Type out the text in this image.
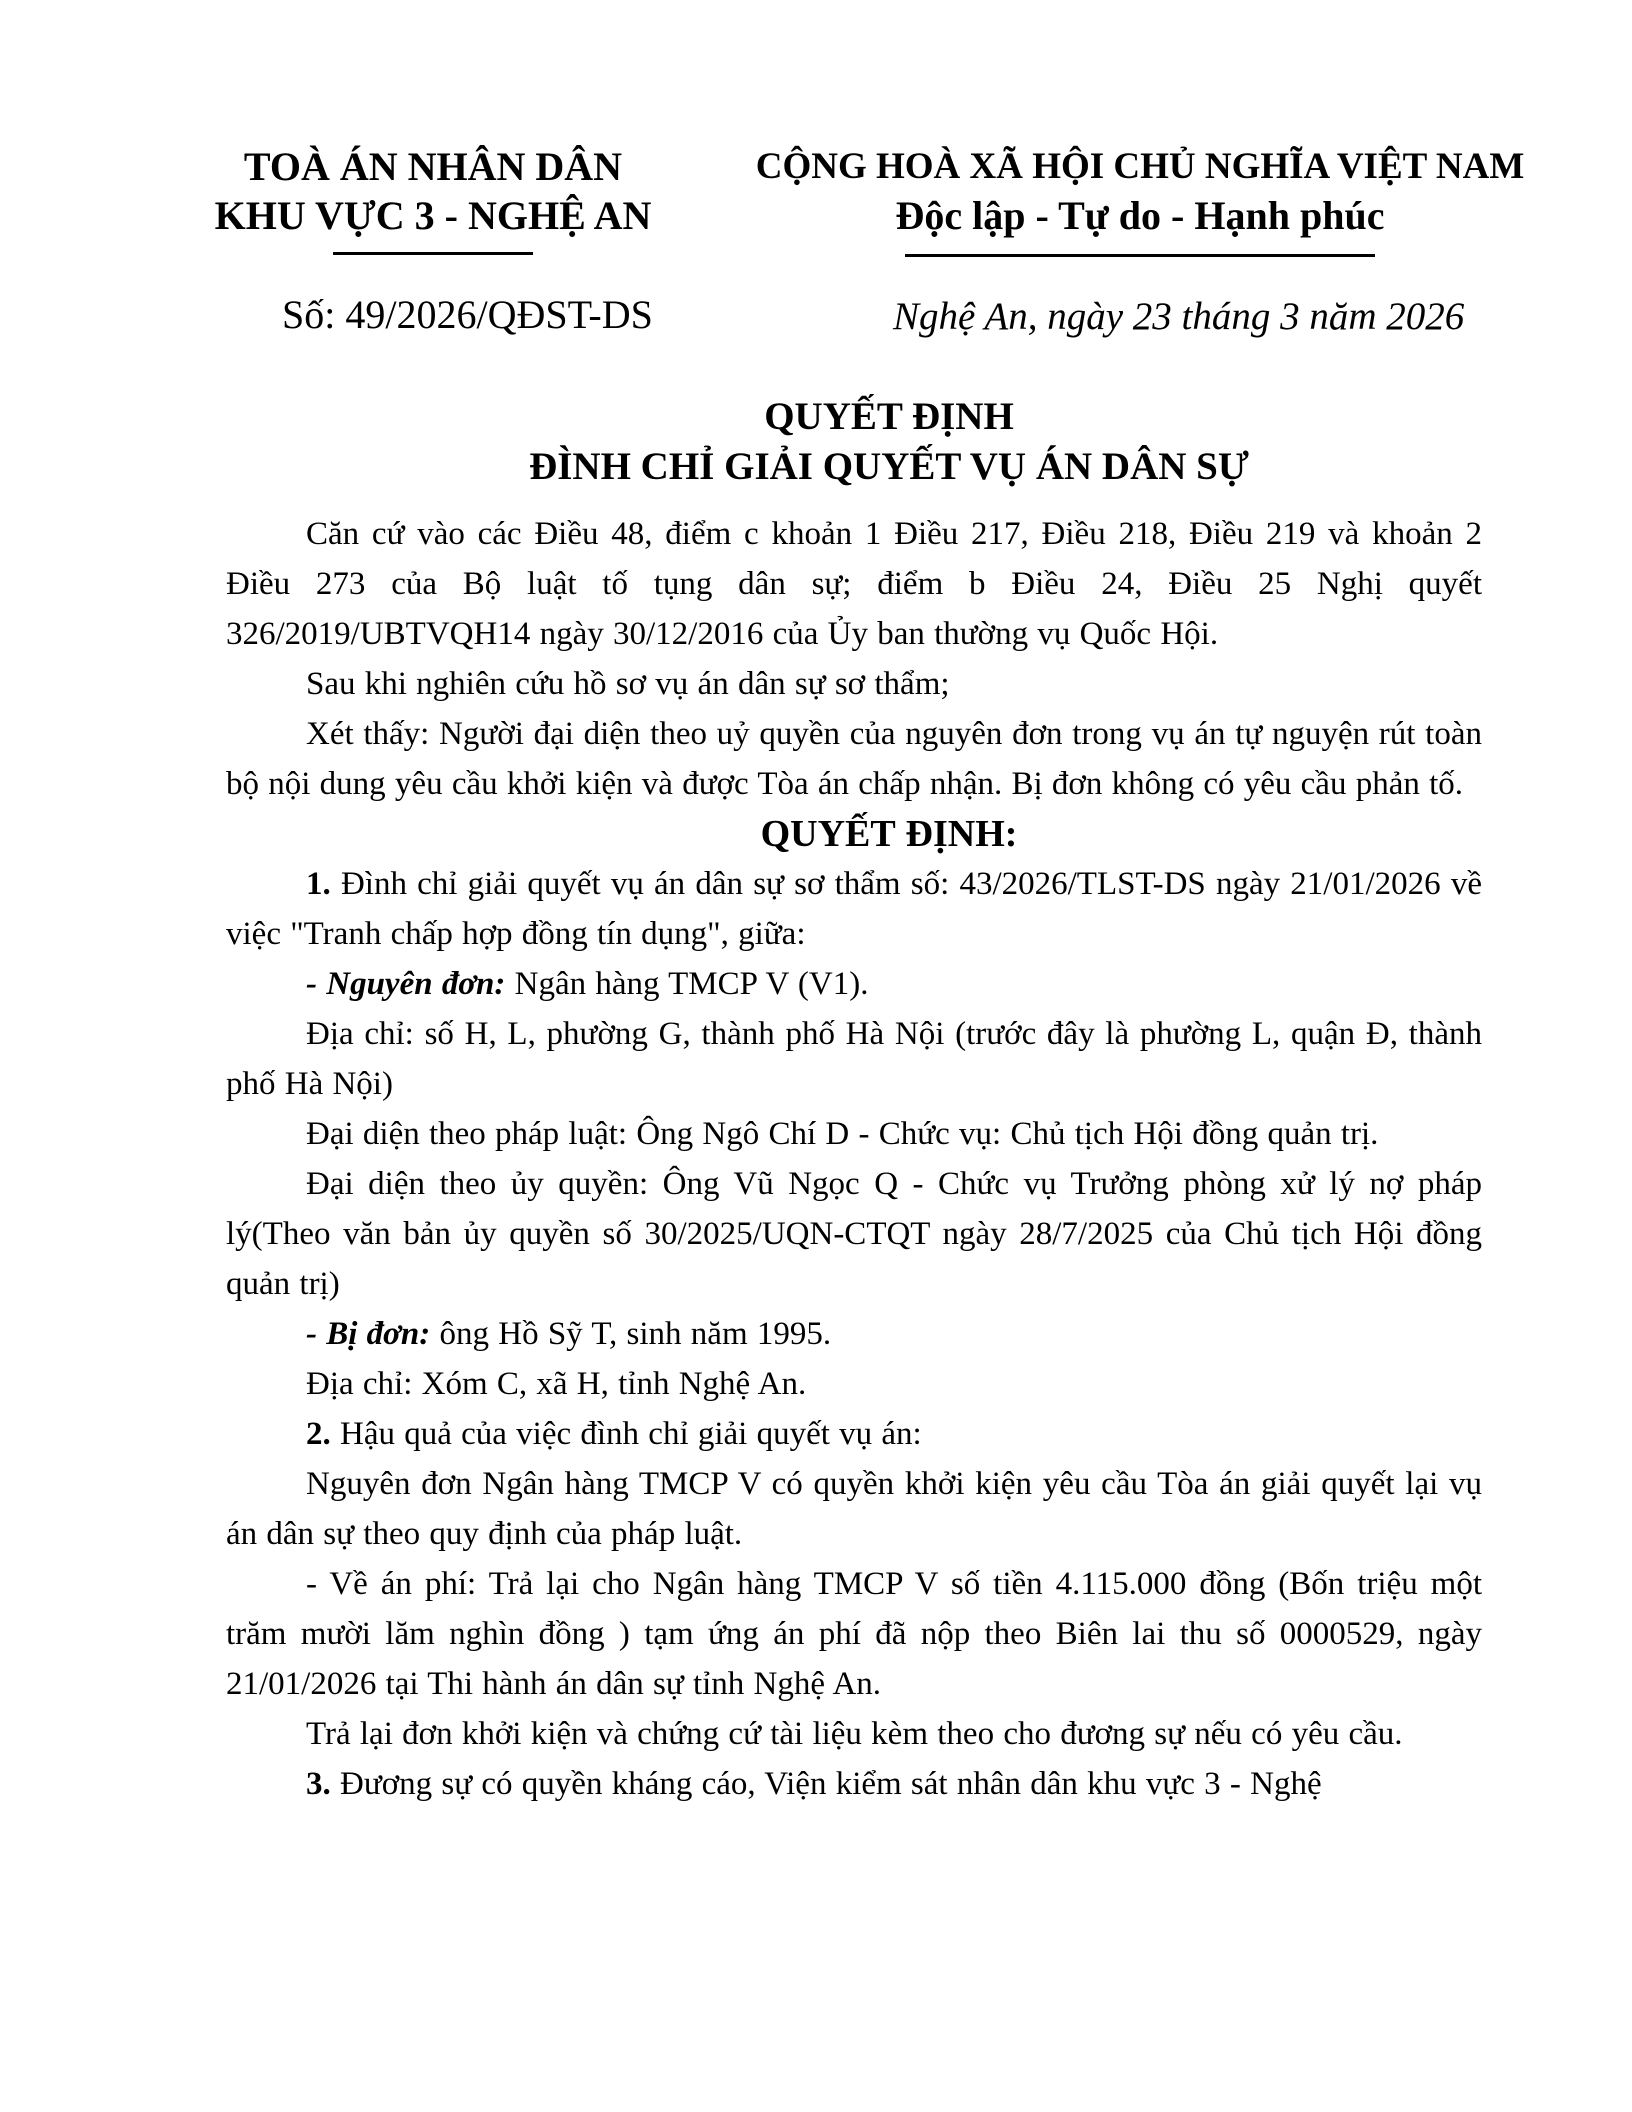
TOÀ ÁN NHÂN DÂN
KHU VỰC 3 - NGHỆ AN
CỘNG HOÀ XÃ HỘI CHỦ NGHĨA VIỆT NAM
Độc lập - Tự do - Hạnh phúc
Số: 49/2026/QĐST-DS	Nghệ An, ngày 23 tháng 3 năm 2026
QUYẾT ĐỊNH
ĐÌNH CHỈ GIẢI QUYẾT VỤ ÁN DÂN SỰ

Căn cứ vào các Điều 48, điểm c khoản 1 Điều 217, Điều 218, Điều 219 và khoản 2 Điều 273 của Bộ luật tố tụng dân sự; điểm b Điều 24, Điều 25 Nghị quyết 326/2019/UBTVQH14 ngày 30/12/2016 của Ủy ban thường vụ Quốc Hội.

Sau khi nghiên cứu hồ sơ vụ án dân sự sơ thẩm;

Xét thấy: Người đại diện theo uỷ quyền của nguyên đơn trong vụ án tự nguyện rút toàn bộ nội dung yêu cầu khởi kiện và được Tòa án chấp nhận. Bị đơn không có yêu cầu phản tố.

QUYẾT ĐỊNH:

1. Đình chỉ giải quyết vụ án dân sự sơ thẩm số: 43/2026/TLST-DS ngày 21/01/2026 về việc "Tranh chấp hợp đồng tín dụng", giữa:

- Nguyên đơn: Ngân hàng TMCP V (V1).

Địa chỉ: số H, L, phường G, thành phố Hà Nội (trước đây là phường L, quận Đ, thành phố Hà Nội)

Đại diện theo pháp luật: Ông Ngô Chí D - Chức vụ: Chủ tịch Hội đồng quản trị.

Đại diện theo ủy quyền: Ông Vũ Ngọc Q - Chức vụ Trưởng phòng xử lý nợ pháp lý(Theo văn bản ủy quyền số 30/2025/UQN-CTQT ngày 28/7/2025 của Chủ tịch Hội đồng quản trị)

- Bị đơn: ông Hồ Sỹ T, sinh năm 1995.

Địa chỉ: Xóm C, xã H, tỉnh Nghệ An.

2. Hậu quả của việc đình chỉ giải quyết vụ án:

Nguyên đơn Ngân hàng TMCP V có quyền khởi kiện yêu cầu Tòa án giải quyết lại vụ án dân sự theo quy định của pháp luật.

- Về án phí: Trả lại cho Ngân hàng TMCP V số tiền 4.115.000 đồng (Bốn triệu một trăm mười lăm nghìn đồng ) tạm ứng án phí đã nộp theo Biên lai thu số 0000529, ngày 21/01/2026 tại Thi hành án dân sự tỉnh Nghệ An.

Trả lại đơn khởi kiện và chứng cứ tài liệu kèm theo cho đương sự nếu có yêu cầu.

3. Đương sự có quyền kháng cáo, Viện kiểm sát nhân dân khu vực 3 - Nghệ
